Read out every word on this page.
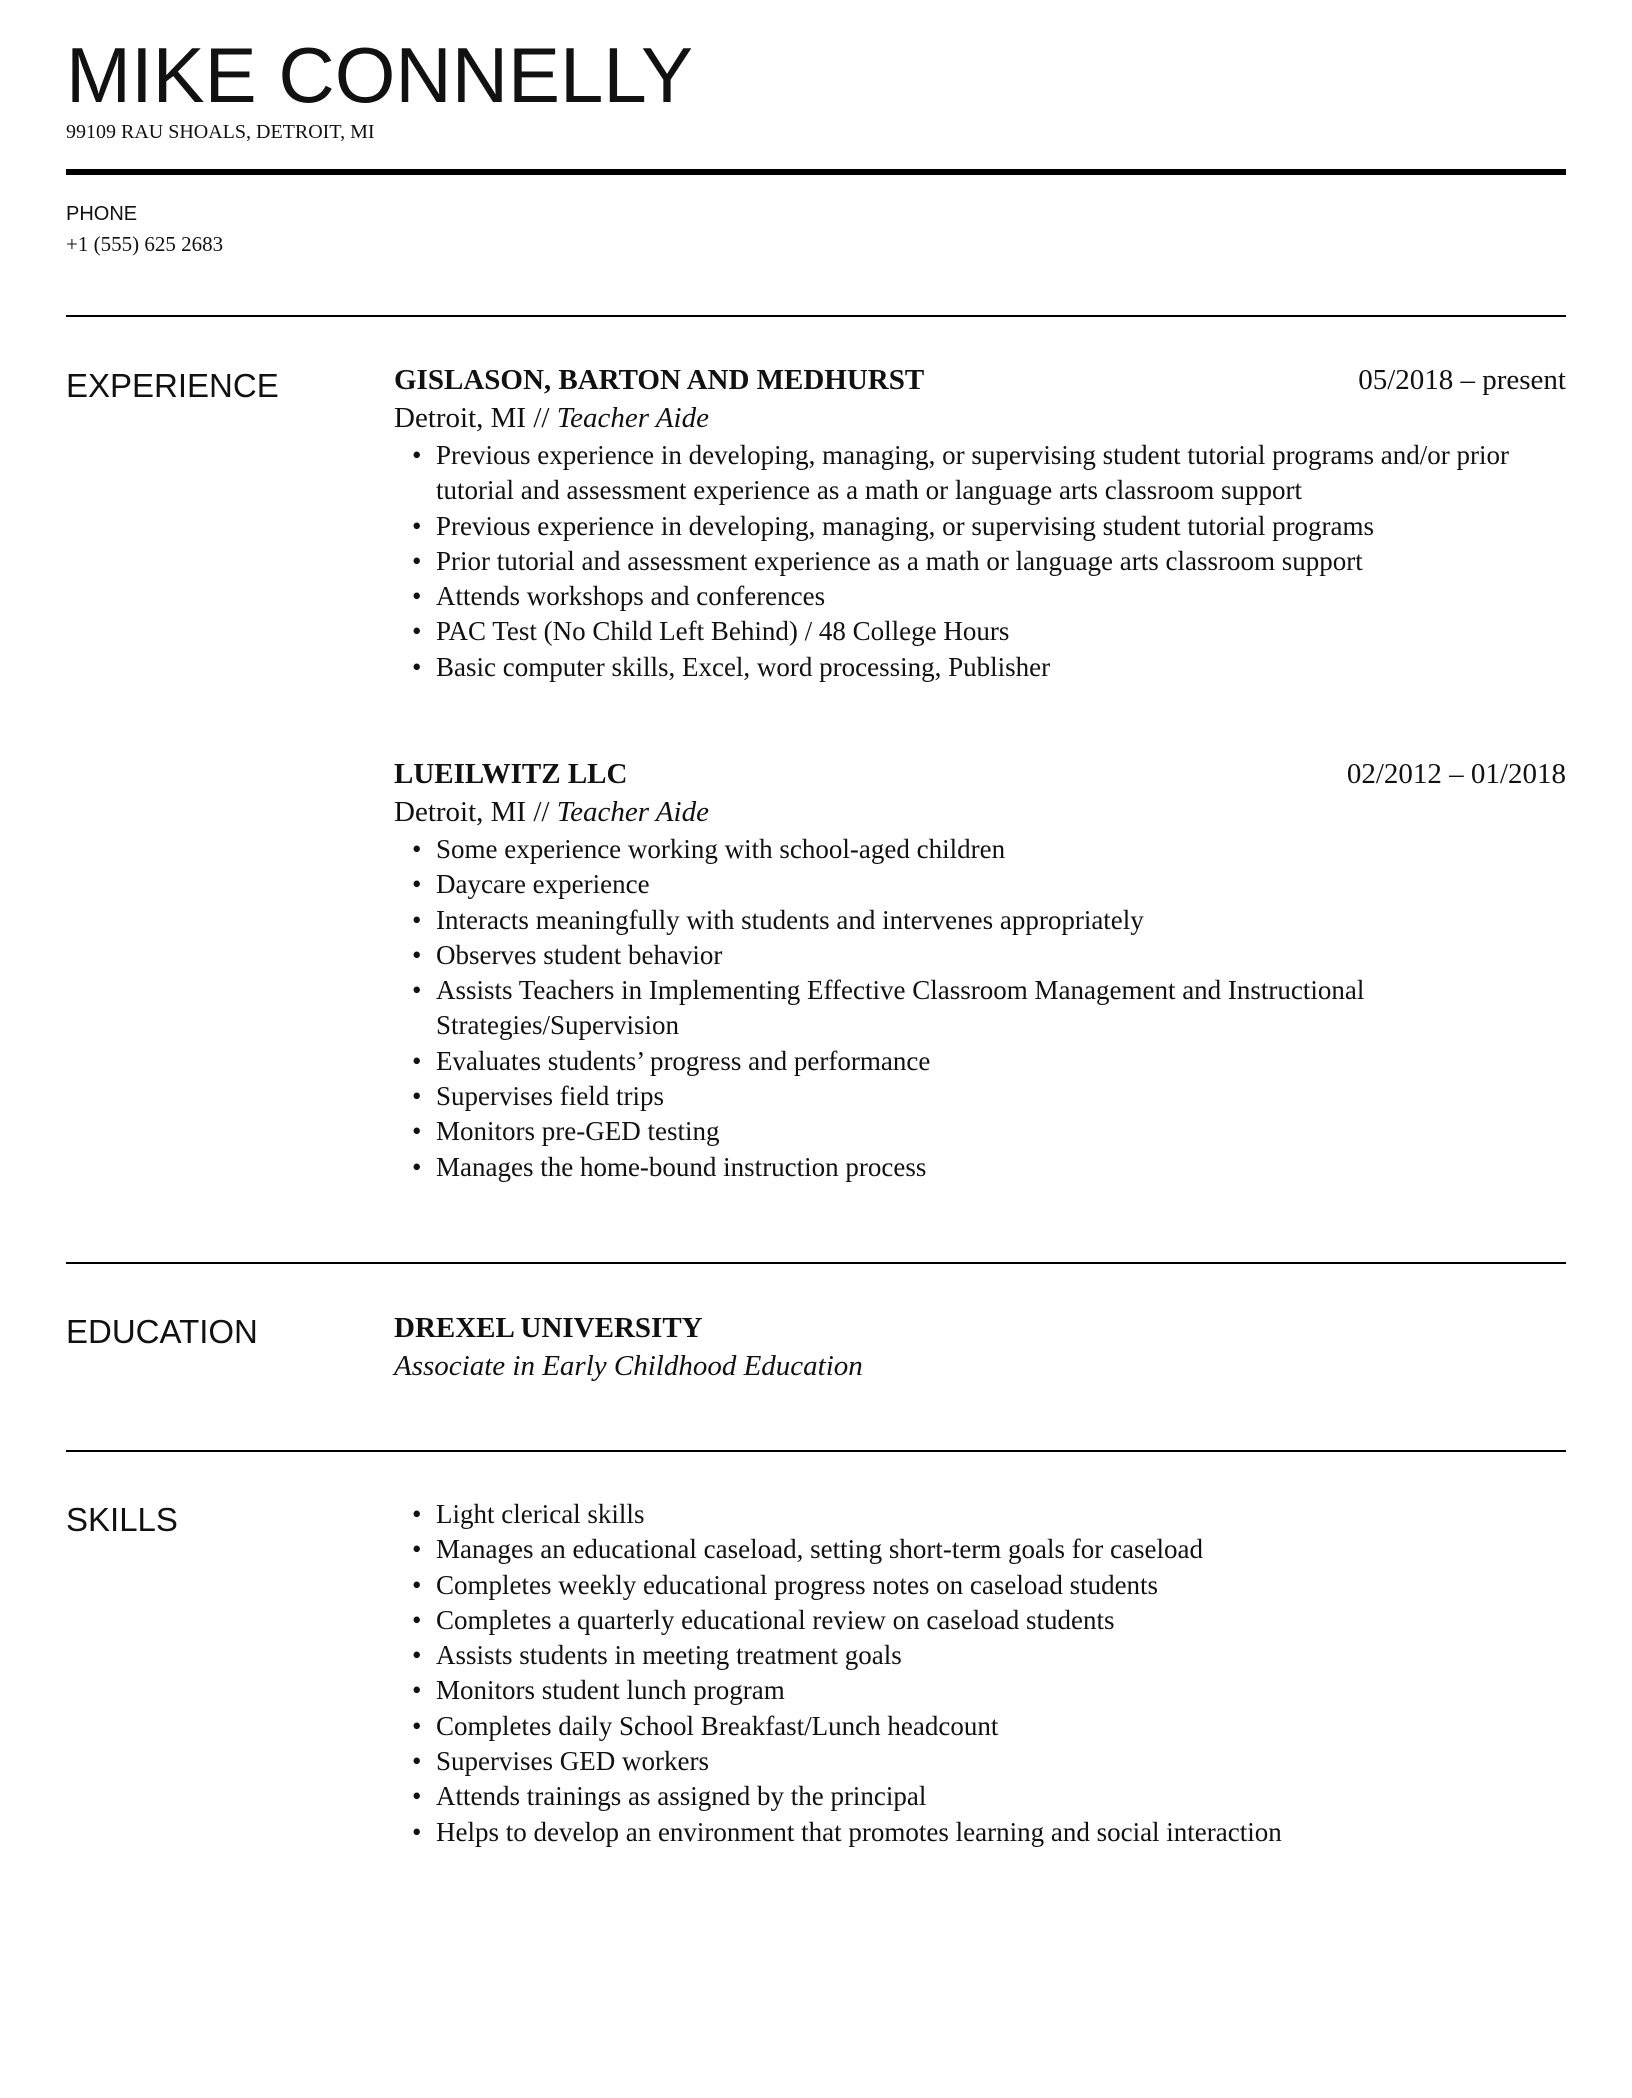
MIKE CONNELLY
99109 RAU SHOALS, DETROIT, MI
PHONE
+1 (555) 625 2683
EXPERIENCE	GISLASON, BARTON AND MEDHURST	05/2018 – present
Detroit, MI // Teacher Aide
• Previous experience in developing, managing, or supervising student tutorial programs and/or prior tutorial and assessment experience as a math or language arts classroom support
• Previous experience in developing, managing, or supervising student tutorial programs
• Prior tutorial and assessment experience as a math or language arts classroom support
• Attends workshops and conferences
• PAC Test (No Child Left Behind) / 48 College Hours
• Basic computer skills, Excel, word processing, Publisher
LUEILWITZ LLC	02/2012 – 01/2018
Detroit, MI // Teacher Aide
• Some experience working with school-aged children
• Daycare experience
• Interacts meaningfully with students and intervenes appropriately
• Observes student behavior
• Assists Teachers in Implementing Effective Classroom Management and Instructional Strategies/Supervision
• Evaluates students’ progress and performance
• Supervises field trips
• Monitors pre-GED testing
• Manages the home-bound instruction process
EDUCATION	DREXEL UNIVERSITY
Associate in Early Childhood Education
SKILLS
•	Light clerical skills
• Manages an educational caseload, setting short-term goals for caseload
• Completes weekly educational progress notes on caseload students
• Completes a quarterly educational review on caseload students
• Assists students in meeting treatment goals
• Monitors student lunch program
• Completes daily School Breakfast/Lunch headcount
• Supervises GED workers
• Attends trainings as assigned by the principal
• Helps to develop an environment that promotes learning and social interaction
